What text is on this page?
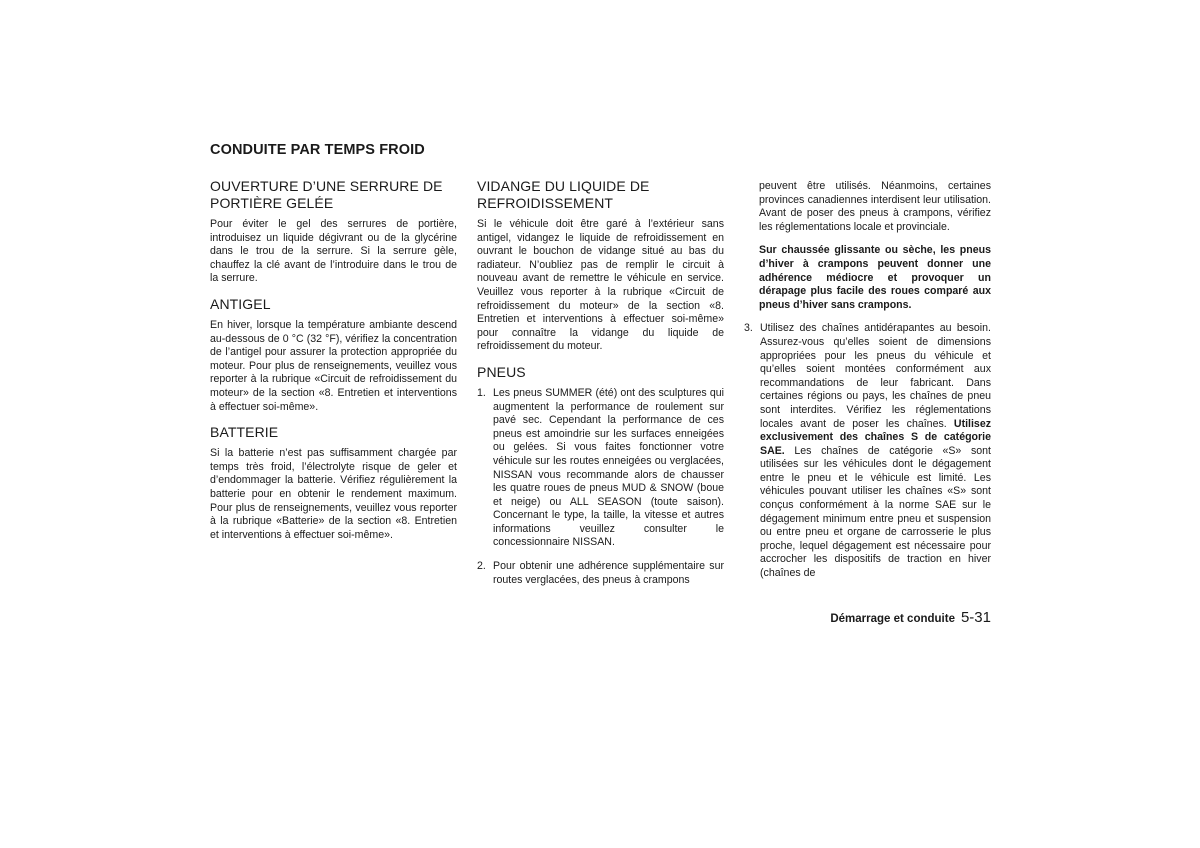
CONDUITE PAR TEMPS FROID
OUVERTURE D’UNE SERRURE DE PORTIÈRE GELÉE

Pour éviter le gel des serrures de portière, introduisez un liquide dégivrant ou de la glycérine dans le trou de la serrure. Si la serrure gèle, chauffez la clé avant de l’introduire dans le trou de la serrure.

ANTIGEL

En hiver, lorsque la température ambiante descend au-dessous de 0 °C (32 °F), vérifiez la concentration de l’antigel pour assurer la protection appropriée du moteur. Pour plus de renseignements, veuillez vous reporter à la rubrique «Circuit de refroidissement du moteur» de la section «8. Entretien et interventions à effectuer soi-même».

BATTERIE

Si la batterie n’est pas suffisamment chargée par temps très froid, l’électrolyte risque de geler et d’endommager la batterie. Vérifiez régulièrement la batterie pour en obtenir le rendement maximum. Pour plus de renseignements, veuillez vous reporter à la rubrique «Batterie» de la section «8. Entretien et interventions à effectuer soi-même».

VIDANGE DU LIQUIDE DE REFROIDISSEMENT

Si le véhicule doit être garé à l’extérieur sans antigel, vidangez le liquide de refroidissement en ouvrant le bouchon de vidange situé au bas du radiateur. N’oubliez pas de remplir le circuit à nouveau avant de remettre le véhicule en service. Veuillez vous reporter à la rubrique «Circuit de refroidissement du moteur» de la section «8. Entretien et interventions à effectuer soi-même» pour connaître la vidange du liquide de refroidissement du moteur.

PNEUS
1. Les pneus SUMMER (été) ont des sculptures qui augmentent la performance de roulement sur pavé sec. Cependant la performance de ces pneus est amoindrie sur les surfaces enneigées ou gelées. Si vous faites fonctionner votre véhicule sur les routes enneigées ou verglacées, NISSAN vous recommande alors de chausser les quatre roues de pneus MUD & SNOW (boue et neige) ou ALL SEASON (toute saison). Concernant le type, la taille, la vitesse et autres informations veuillez consulter le concessionnaire NISSAN.
2. Pour obtenir une adhérence supplémentaire sur routes verglacées, des pneus à crampons

peuvent être utilisés. Néanmoins, certaines provinces canadiennes interdisent leur utilisation. Avant de poser des pneus à crampons, vérifiez les réglementations locale et provinciale.

Sur chaussée glissante ou sèche, les pneus d’hiver à crampons peuvent donner une adhérence médiocre et provoquer un dérapage plus facile des roues comparé aux pneus d’hiver sans crampons.

3. Utilisez des chaînes antidérapantes au besoin. Assurez-vous qu’elles soient de dimensions appropriées pour les pneus du véhicule et qu’elles soient montées conformément aux recommandations de leur fabricant. Dans certaines régions ou pays, les chaînes de pneu sont interdites. Vérifiez les réglementations locales avant de poser les chaînes. Utilisez exclusivement des chaînes S de catégorie SAE. Les chaînes de catégorie «S» sont utilisées sur les véhicules dont le dégagement entre le pneu et le véhicule est limité. Les véhicules pouvant utiliser les chaînes «S» sont conçus conformément à la norme SAE sur le dégagement minimum entre pneu et suspension ou entre pneu et organe de carrosserie le plus proche, lequel dégagement est nécessaire pour accrocher les dispositifs de traction en hiver (chaînes de
Démarrage et conduite 5-31
